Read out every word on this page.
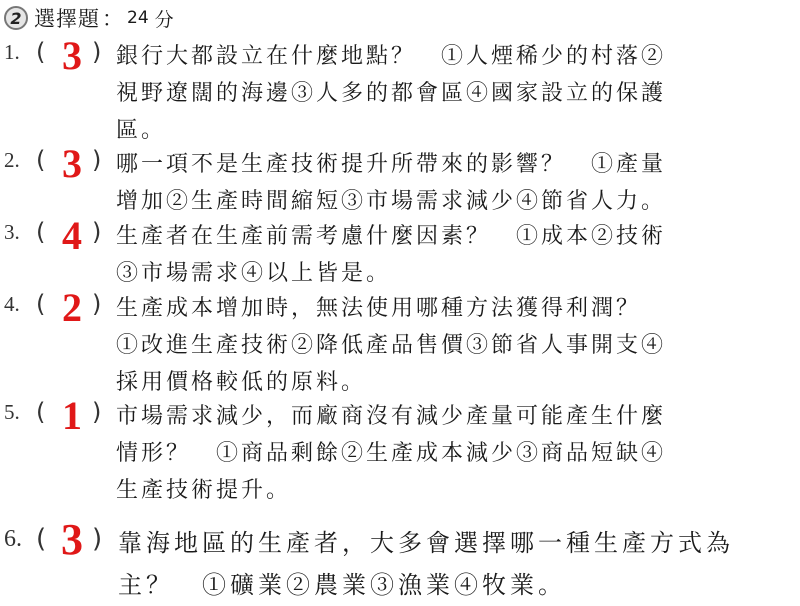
2 選擇題 ： 24 分
1. ( 3 ) 銀行大都設立在什麼地點？　①人煙稀少的村落②
視野遼闊的海邊③人多的都會區④國家設立的保護
區。
2. ( 3 ) 哪一項不是生產技術提升所帶來的影響？　①產量
增加②生產時間縮短③市場需求減少④節省人力。
3. ( 4 ) 生產者在生產前需考慮什麼因素？　①成本②技術
③市場需求④以上皆是。
4. ( 2 ) 生產成本增加時，無法使用哪種方法獲得利潤？
①改進生產技術②降低產品售價③節省人事開支④
採用價格較低的原料。
5. ( 1 ) 市場需求減少，而廠商沒有減少產量可能產生什麼
情形？　①商品剩餘②生產成本減少③商品短缺④
生產技術提升。
6. ( 3 ) 靠海地區的生產者，大多會選擇哪一種生產方式為
主？　①礦業②農業③漁業④牧業。
